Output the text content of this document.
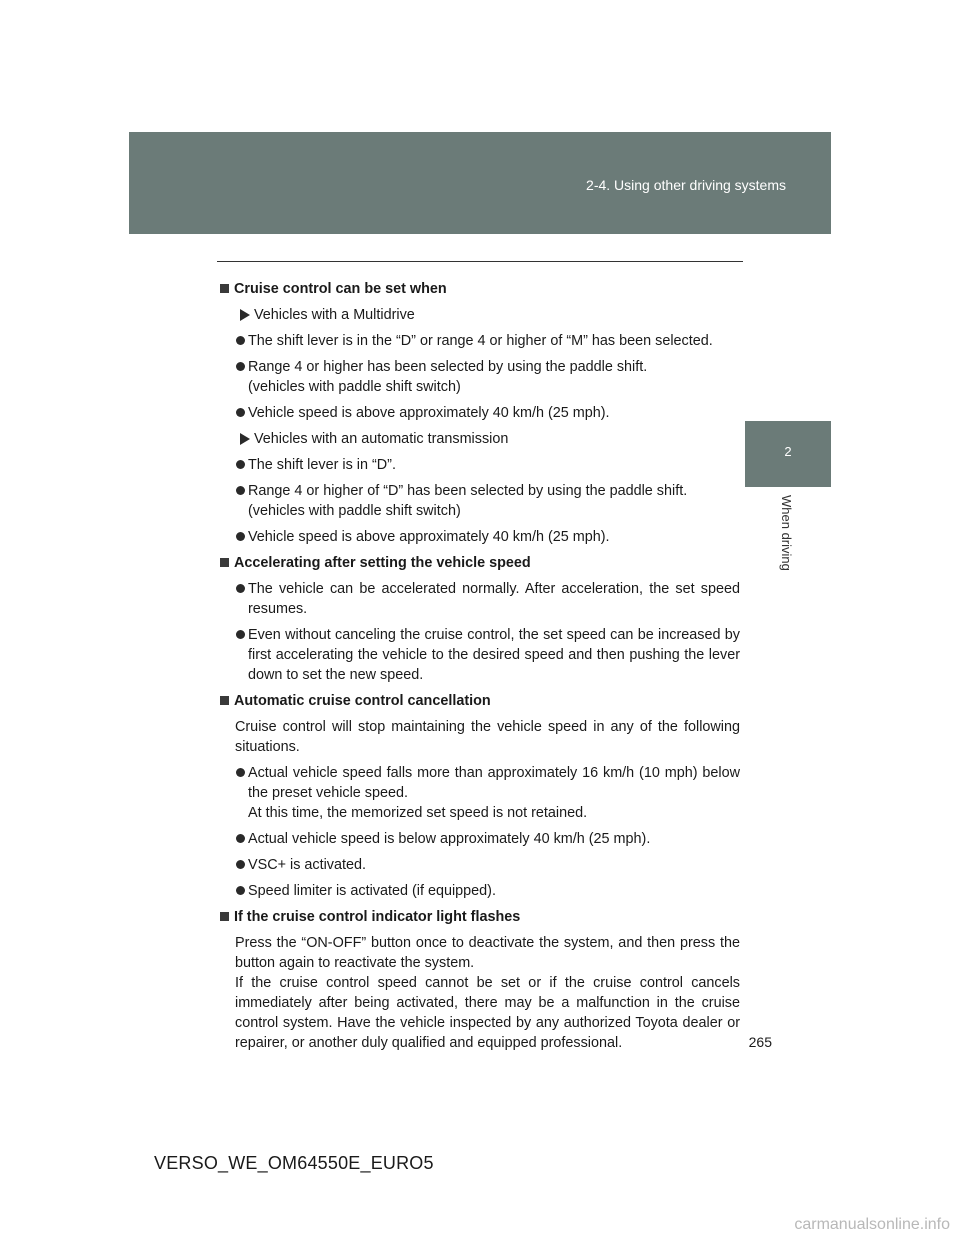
2-4. Using other driving systems
2
When driving
Cruise control can be set when
Vehicles with a Multidrive
The shift lever is in the “D” or range 4 or higher of “M” has been selected.
Range 4 or higher has been selected by using the paddle shift.
(vehicles with paddle shift switch)
Vehicle speed is above approximately 40 km/h (25 mph).
Vehicles with an automatic transmission
The shift lever is in “D”.
Range 4 or higher of “D” has been selected by using the paddle shift.
(vehicles with paddle shift switch)
Vehicle speed is above approximately 40 km/h (25 mph).
Accelerating after setting the vehicle speed
The vehicle can be accelerated normally. After acceleration, the set speed resumes.
Even without canceling the cruise control, the set speed can be increased by first accelerating the vehicle to the desired speed and then pushing the lever down to set the new speed.
Automatic cruise control cancellation
Cruise control will stop maintaining the vehicle speed in any of the following situations.
Actual vehicle speed falls more than approximately 16 km/h (10 mph) below the preset vehicle speed.
At this time, the memorized set speed is not retained.
Actual vehicle speed is below approximately 40 km/h (25 mph).
VSC+ is activated.
Speed limiter is activated (if equipped).
If the cruise control indicator light flashes
Press the “ON-OFF” button once to deactivate the system, and then press the button again to reactivate the system.
If the cruise control speed cannot be set or if the cruise control cancels immediately after being activated, there may be a malfunction in the cruise control system. Have the vehicle inspected by any authorized Toyota dealer or repairer, or another duly qualified and equipped professional.	265
VERSO_WE_OM64550E_EURO5
carmanualsonline.info
